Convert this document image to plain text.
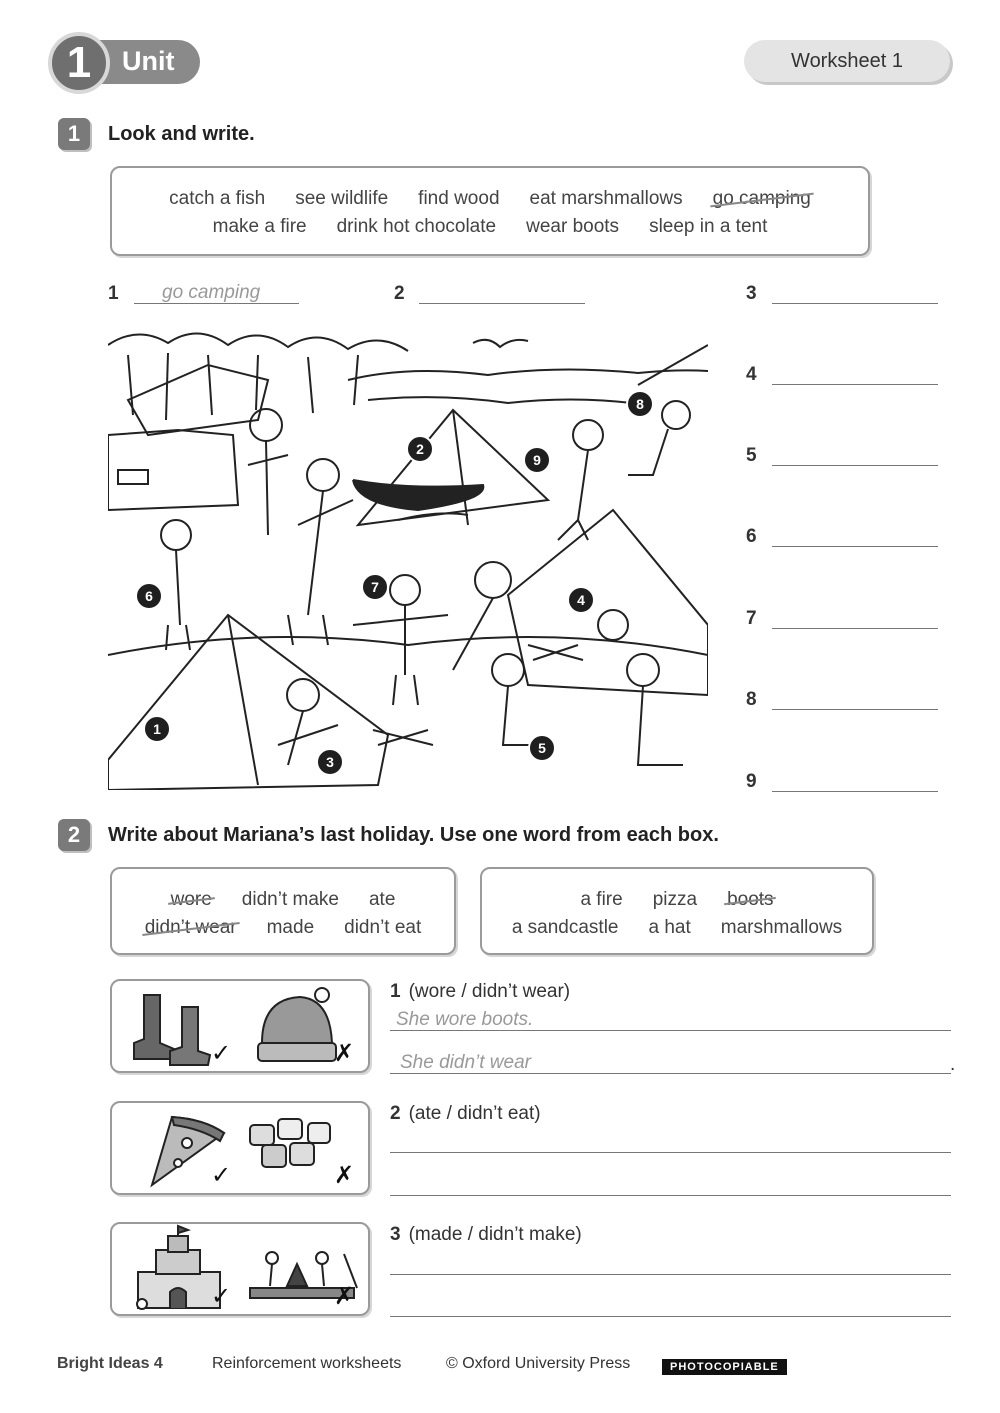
1 Unit	Worksheet 1
1	Look and write.
catch a fish see wildlife find wood eat marshmallows go camping
make a fire drink hot chocolate wear boots sleep in a tent
1 go camping	2	3
4
5
6
7
8
9
1
2
3
4
5
6
7
8
9
2	Write about Mariana’s last holiday. Use one word from each box.
wore didn’t make ate
didn’t wear made didn’t eat
a fire pizza boots
a sandcastle a hat marshmallows
✓	✗
✓	✗
✓	✗
1 (wore / didn’t wear)
She wore boots.
She didn’t wear	.
2 (ate / didn’t eat)
3 (made / didn’t make)
Bright Ideas 4	Reinforcement worksheets	© Oxford University Press	PHOTOCOPIABLE
